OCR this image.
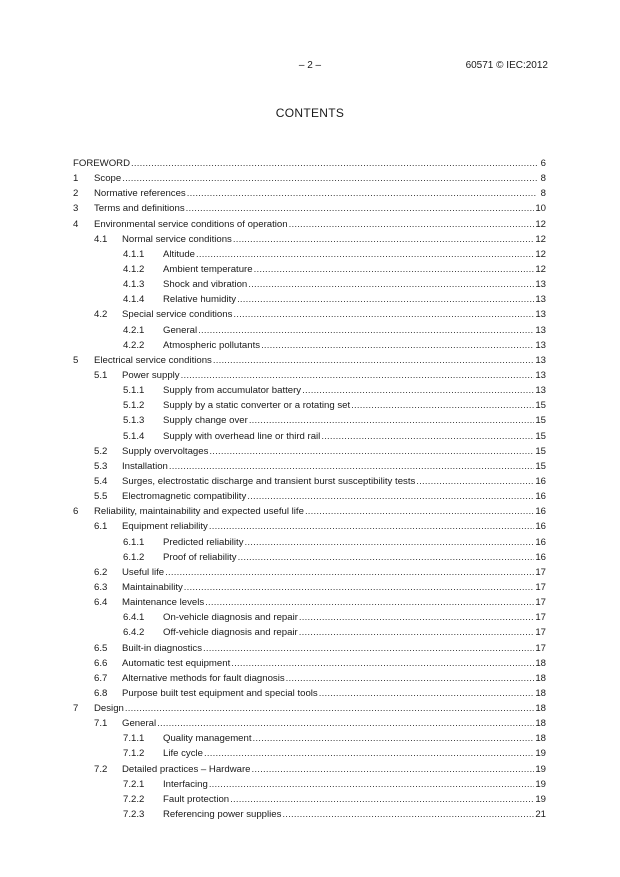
– 2 –	60571 © IEC:2012
CONTENTS
FOREWORD .....	6
1	Scope .....	8
2	Normative references .....	8
3	Terms and definitions .....	10
4	Environmental service conditions of operation .....	12
4.1	Normal service conditions .....	12
4.1.1	Altitude .....	12
4.1.2	Ambient temperature .....	12
4.1.3	Shock and vibration .....	13
4.1.4	Relative humidity .....	13
4.2	Special service conditions .....	13
4.2.1	General .....	13
4.2.2	Atmospheric pollutants .....	13
5	Electrical service conditions .....	13
5.1	Power supply .....	13
5.1.1	Supply from accumulator battery .....	13
5.1.2	Supply by a static converter or a rotating set .....	15
5.1.3	Supply change over .....	15
5.1.4	Supply with overhead line or third rail .....	15
5.2	Supply overvoltages .....	15
5.3	Installation .....	15
5.4	Surges, electrostatic discharge and transient burst susceptibility tests .....	16
5.5	Electromagnetic compatibility .....	16
6	Reliability, maintainability and expected useful life .....	16
6.1	Equipment reliability .....	16
6.1.1	Predicted reliability .....	16
6.1.2	Proof of reliability .....	16
6.2	Useful life .....	17
6.3	Maintainability .....	17
6.4	Maintenance levels .....	17
6.4.1	On-vehicle diagnosis and repair .....	17
6.4.2	Off-vehicle diagnosis and repair .....	17
6.5	Built-in diagnostics .....	17
6.6	Automatic test equipment .....	18
6.7	Alternative methods for fault diagnosis .....	18
6.8	Purpose built test equipment and special tools .....	18
7	Design .....	18
7.1	General .....	18
7.1.1	Quality management .....	18
7.1.2	Life cycle .....	19
7.2	Detailed practices – Hardware .....	19
7.2.1	Interfacing .....	19
7.2.2	Fault protection .....	19
7.2.3	Referencing power supplies .....	21
